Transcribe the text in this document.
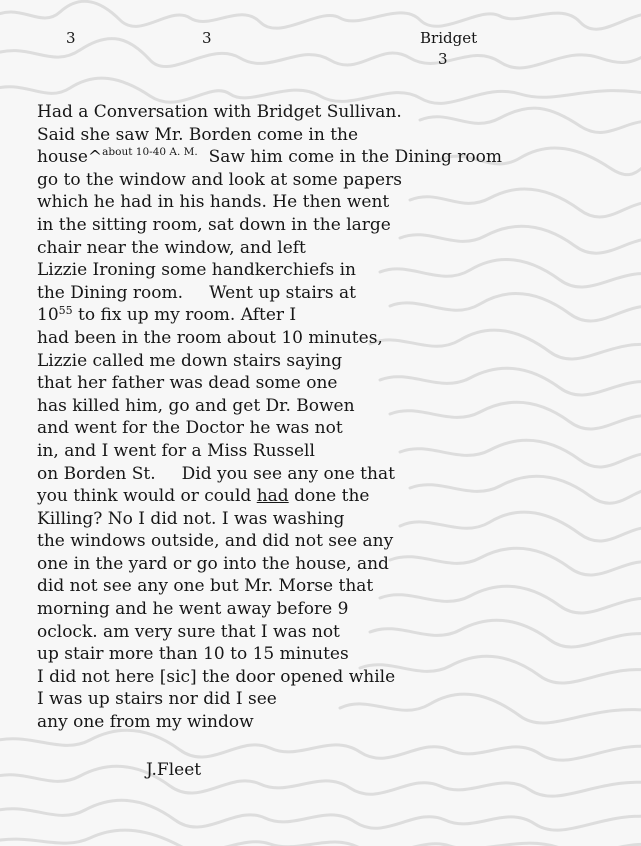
3	3	Bridget
3
Had a Conversation with Bridget Sullivan.
Said she saw Mr. Borden come in the
house^$^{about 10-40 A. M.}$ Saw him come in the Dining room
go to the window and look at some papers
which he had in his hands. He then went
in the sitting room, sat down in the large
chair near the window, and left
Lizzie Ironing some handkerchiefs in
the Dining room. Went up stairs at
$10^{55}$ to fix up my room. After I
had been in the room about 10 minutes,
Lizzie called me down stairs saying
that her father was dead some one
has killed him, go and get Dr. Bowen
and went for the Doctor he was not
in, and I went for a Miss Russell
on Borden St. Did you see any one that
you think would or could had done the
Killing? No I did not. I was washing
the windows outside, and did not see any
one in the yard or go into the house, and
did not see any one but Mr. Morse that
morning and he went away before 9
oclock. am very sure that I was not
up stair more than 10 to 15 minutes
I did not here [sic] the door opened while
I was up stairs nor did I see
any one from my window
J.Fleet
